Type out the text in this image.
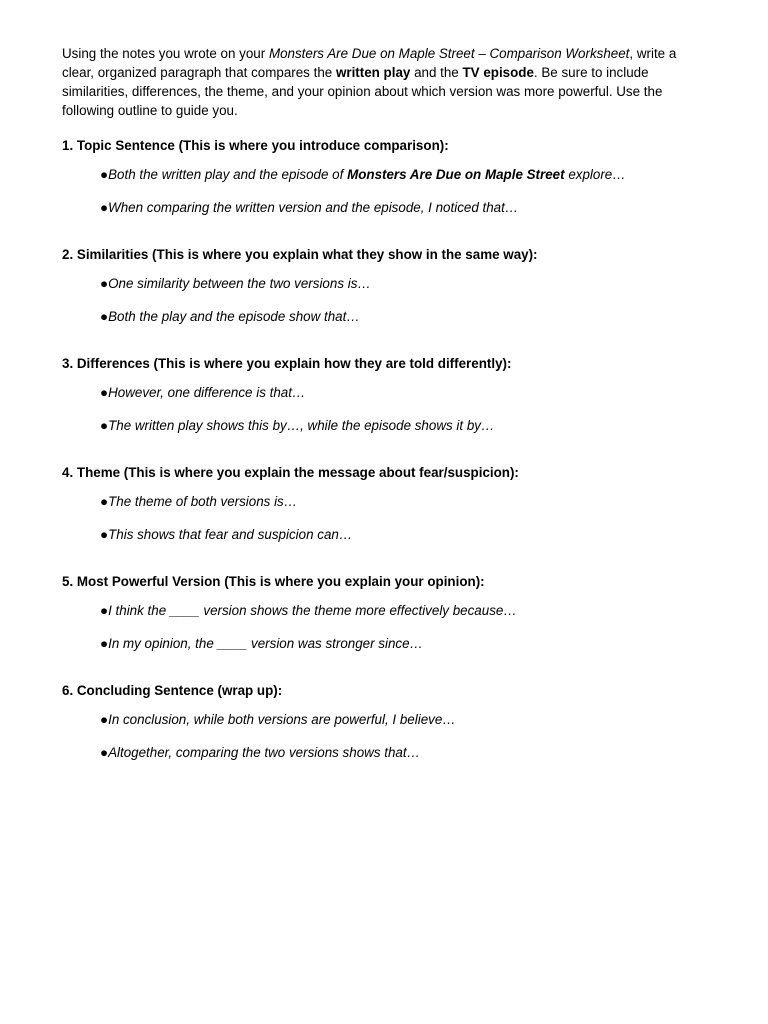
Using the notes you wrote on your Monsters Are Due on Maple Street – Comparison Worksheet, write a clear, organized paragraph that compares the written play and the TV episode. Be sure to include similarities, differences, the theme, and your opinion about which version was more powerful. Use the following outline to guide you.

1. Topic Sentence (This is where you introduce comparison):

●Both the written play and the episode of Monsters Are Due on Maple Street explore…
●When comparing the written version and the episode, I noticed that…

2. Similarities (This is where you explain what they show in the same way):

●One similarity between the two versions is…
●Both the play and the episode show that…

3. Differences (This is where you explain how they are told differently):

●However, one difference is that…
●The written play shows this by…, while the episode shows it by…

4. Theme (This is where you explain the message about fear/suspicion):

●The theme of both versions is…
●This shows that fear and suspicion can…

5. Most Powerful Version (This is where you explain your opinion):

●I think the ____ version shows the theme more effectively because…
●In my opinion, the ____ version was stronger since…

6. Concluding Sentence (wrap up):

●In conclusion, while both versions are powerful, I believe…
●Altogether, comparing the two versions shows that…
